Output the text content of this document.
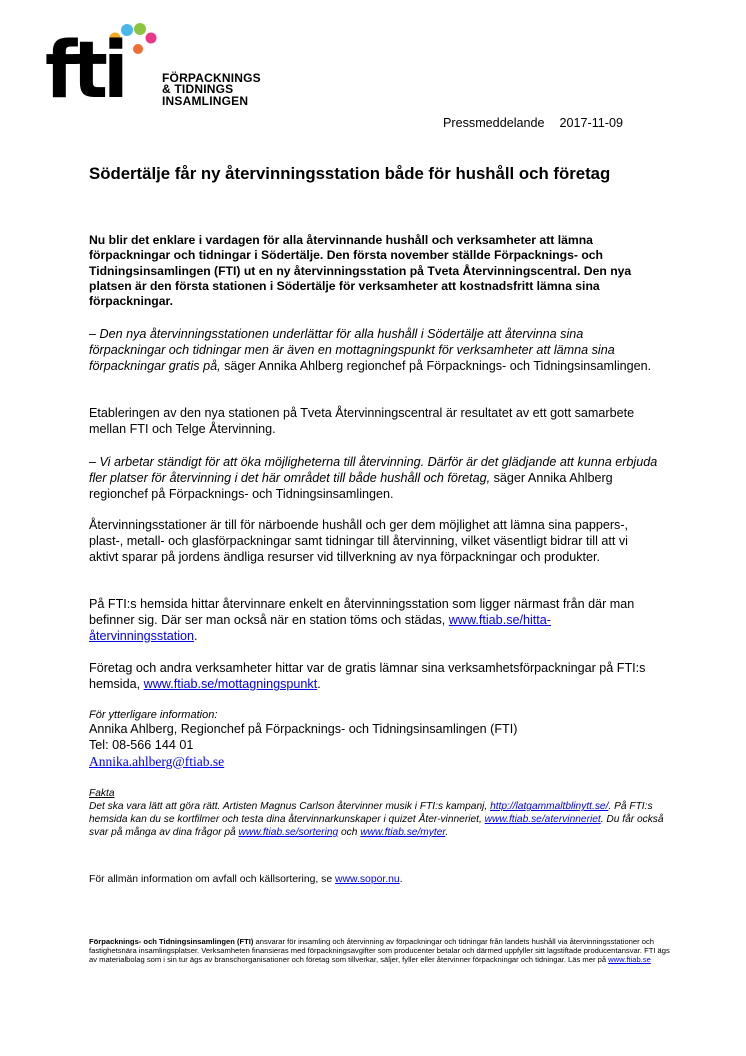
fti	FÖRPACKNINGS
& TIDNINGS
INSAMLINGEN
Pressmeddelande 2017-11-09
Södertälje får ny återvinningsstation både för hushåll och företag

Nu blir det enklare i vardagen för alla återvinnande hushåll och verksamheter att lämna förpackningar och tidningar i Södertälje. Den första november ställde Förpacknings- och Tidningsinsamlingen (FTI) ut en ny återvinningsstation på Tveta Återvinningscentral. Den nya platsen är den första stationen i Södertälje för verksamheter att kostnadsfritt lämna sina förpackningar.

– Den nya återvinningsstationen underlättar för alla hushåll i Södertälje att återvinna sina förpackningar och tidningar men är även en mottagningspunkt för verksamheter att lämna sina förpackningar gratis på, säger Annika Ahlberg regionchef på Förpacknings- och Tidningsinsamlingen.

Etableringen av den nya stationen på Tveta Återvinningscentral är resultatet av ett gott samarbete mellan FTI och Telge Återvinning.

– Vi arbetar ständigt för att öka möjligheterna till återvinning. Därför är det glädjande att kunna erbjuda fler platser för återvinning i det här området till både hushåll och företag, säger Annika Ahlberg regionchef på Förpacknings- och Tidningsinsamlingen.

Återvinningsstationer är till för närboende hushåll och ger dem möjlighet att lämna sina pappers-, plast-, metall- och glasförpackningar samt tidningar till återvinning, vilket väsentligt bidrar till att vi aktivt sparar på jordens ändliga resurser vid tillverkning av nya förpackningar och produkter.

På FTI:s hemsida hittar återvinnare enkelt en återvinningsstation som ligger närmast från där man befinner sig. Där ser man också när en station töms och städas, www.ftiab.se/hitta-återvinningsstation.

Företag och andra verksamheter hittar var de gratis lämnar sina verksamhetsförpackningar på FTI:s hemsida, www.ftiab.se/mottagningspunkt.

För ytterligare information:
Annika Ahlberg, Regionchef på Förpacknings- och Tidningsinsamlingen (FTI)
Tel: 08-566 144 01
Annika.ahlberg@ftiab.se
Fakta
Det ska vara lätt att göra rätt. Artisten Magnus Carlson återvinner musik i FTI:s kampanj, http://latgammaltblinytt.se/. På FTI:s hemsida kan du se kortfilmer och testa dina återvinnarkunskaper i quizet Åter-vinneriet, www.ftiab.se/atervinneriet. Du får också svar på många av dina frågor på www.ftiab.se/sortering och www.ftiab.se/myter.

För allmän information om avfall och källsortering, se www.sopor.nu.

Förpacknings- och Tidningsinsamlingen (FTI) ansvarar för insamling och återvinning av förpackningar och tidningar från landets hushåll via återvinningsstationer och fastighetsnära insamlingsplatser. Verksamheten finansieras med förpackningsavgifter som producenter betalar och därmed uppfyller sitt lagstiftade producentansvar. FTI ägs av materialbolag som i sin tur ägs av branschorganisationer och företag som tillverkar, säljer, fyller eller återvinner förpackningar och tidningar. Läs mer på www.ftiab.se
